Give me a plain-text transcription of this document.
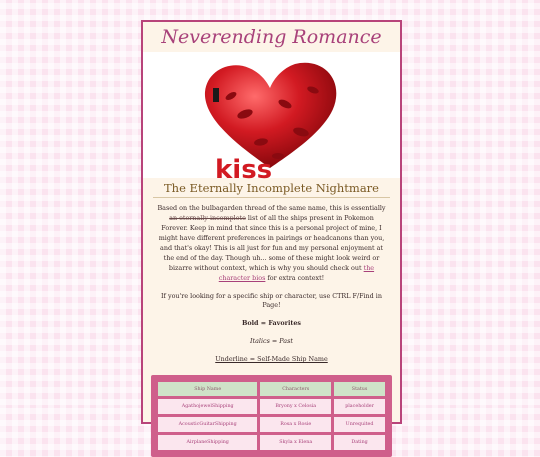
Neverending Romance
kiss
The Eternally Incomplete Nightmare
Based on the bulbagarden thread of the same name, this is essentially an eternally incomplete list of all the ships present in Pokemon Forever. Keep in mind that since this is a personal project of mine, I might have different preferences in pairings or headcanons than you, and that's okay! This is all just for fun and my personal enjoyment at the end of the day. Though uh... some of these might look weird or bizarre without context, which is why you should check out the character bios for extra context!
If you're looking for a specific ship or character, use CTRL F/Find in Page!
Bold = Favorites
Italics = Past
Underline = Self-Made Ship Name
Ship Name	Characters	Status
AgathojewelShipping	Bryony x Celosia	placeholder
AcousticGuitarShipping	Rosa x Rosie	Unrequited
AirplaneShipping	Skyla x Elena	Dating
